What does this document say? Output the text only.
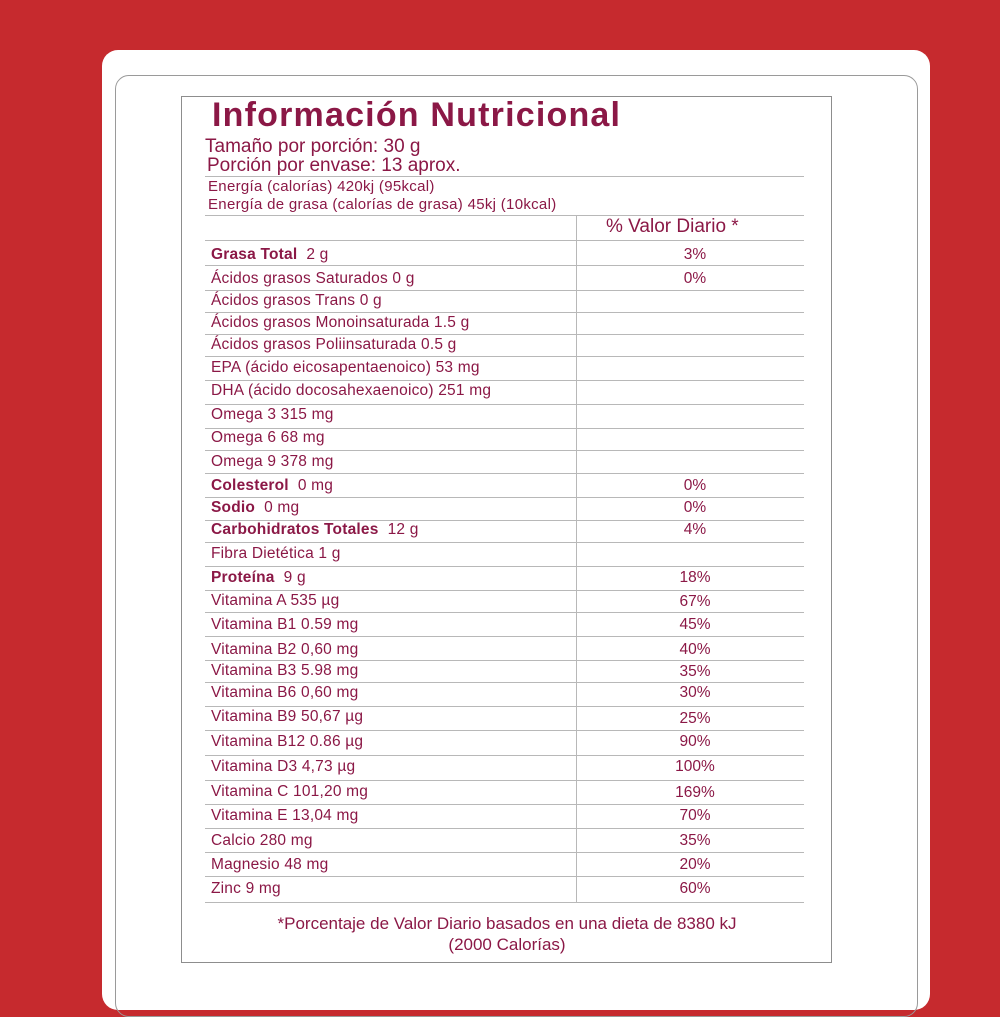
Información Nutricional
Tamaño por porción: 30 g
Porción por envase: 13 aprox.
Energía (calorías) 420kj (95kcal)
Energía de grasa (calorías de grasa) 45kj (10kcal)
% Valor Diario *
Grasa Total 2 g	3%
Ácidos grasos Saturados 0 g	0%
Ácidos grasos Trans 0 g
Ácidos grasos Monoinsaturada 1.5 g
Ácidos grasos Poliinsaturada 0.5 g
EPA (ácido eicosapentaenoico) 53 mg
DHA (ácido docosahexaenoico) 251 mg
Omega 3 315 mg
Omega 6 68 mg
Omega 9 378 mg
Colesterol 0 mg	0%
Sodio 0 mg	0%
Carbohidratos Totales 12 g	4%
Fibra Dietética 1 g
Proteína 9 g	18%
Vitamina A 535 µg	67%
Vitamina B1 0.59 mg	45%
Vitamina B2 0,60 mg	40%
Vitamina B3 5.98 mg	35%
Vitamina B6 0,60 mg	30%
Vitamina B9 50,67 µg	25%
Vitamina B12 0.86 µg	90%
Vitamina D3 4,73 µg	100%
Vitamina C 101,20 mg	169%
Vitamina E 13,04 mg	70%
Calcio 280 mg	35%
Magnesio 48 mg	20%
Zinc 9 mg	60%
*Porcentaje de Valor Diario basados en una dieta de 8380 kJ
(2000 Calorías)
